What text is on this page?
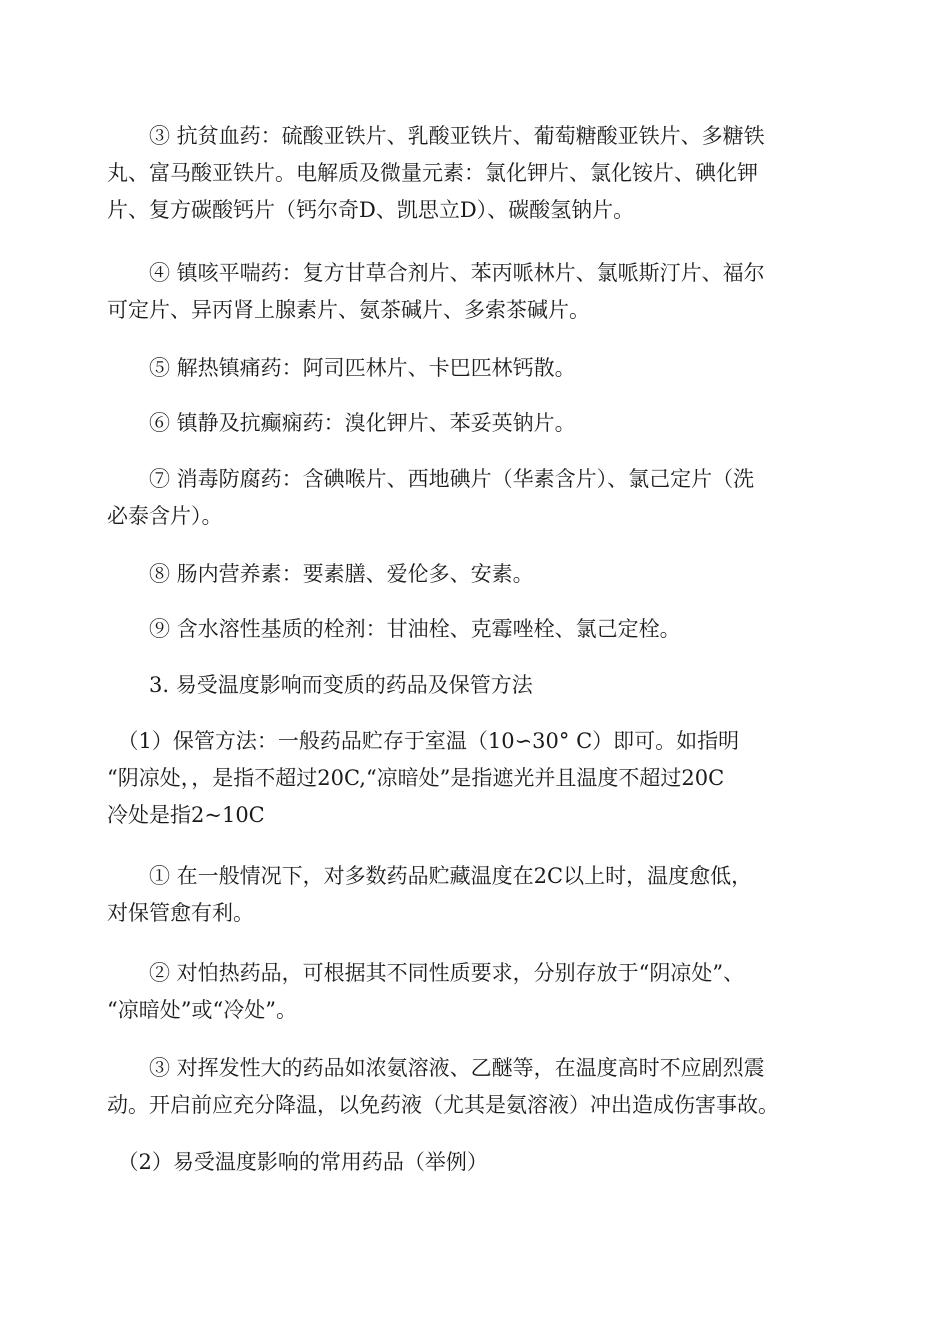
　　③ 抗贫血药：硫酸亚铁片、乳酸亚铁片、葡萄糖酸亚铁片、多糖铁
丸、富马酸亚铁片。电解质及微量元素：氯化钾片、氯化铵片、碘化钾
片、复方碳酸钙片（钙尔奇D、凯思立D）、碳酸氢钠片。

　　④ 镇咳平喘药：复方甘草合剂片、苯丙哌林片、氯哌斯汀片、福尔
可定片、异丙肾上腺素片、氨茶碱片、多索茶碱片。

　　⑤ 解热镇痛药：阿司匹林片、卡巴匹林钙散。

　　⑥ 镇静及抗癫痫药：溴化钾片、苯妥英钠片。

　　⑦ 消毒防腐药：含碘喉片、西地碘片（华素含片）、氯己定片（洗
必泰含片）。

　　⑧ 肠内营养素：要素膳、爱伦多、安素。

　　⑨ 含水溶性基质的栓剂：甘油栓、克霉唑栓、氯己定栓。

　　3. 易受温度影响而变质的药品及保管方法

　（1）保管方法：一般药品贮存于室温（10∽30° C）即可。如指明
“阴凉处，，是指不超过20C,“凉暗处”是指遮光并且温度不超过20C
冷处是指2~10C

　　① 在一般情况下，对多数药品贮藏温度在2C以上时，温度愈低，
对保管愈有利。

　　② 对怕热药品，可根据其不同性质要求，分别存放于“阴凉处”、
“凉暗处”或“冷处”。

　　③ 对挥发性大的药品如浓氨溶液、乙醚等，在温度高时不应剧烈震
动。开启前应充分降温，以免药液（尤其是氨溶液）冲出造成伤害事故。

　（2）易受温度影响的常用药品（举例）
